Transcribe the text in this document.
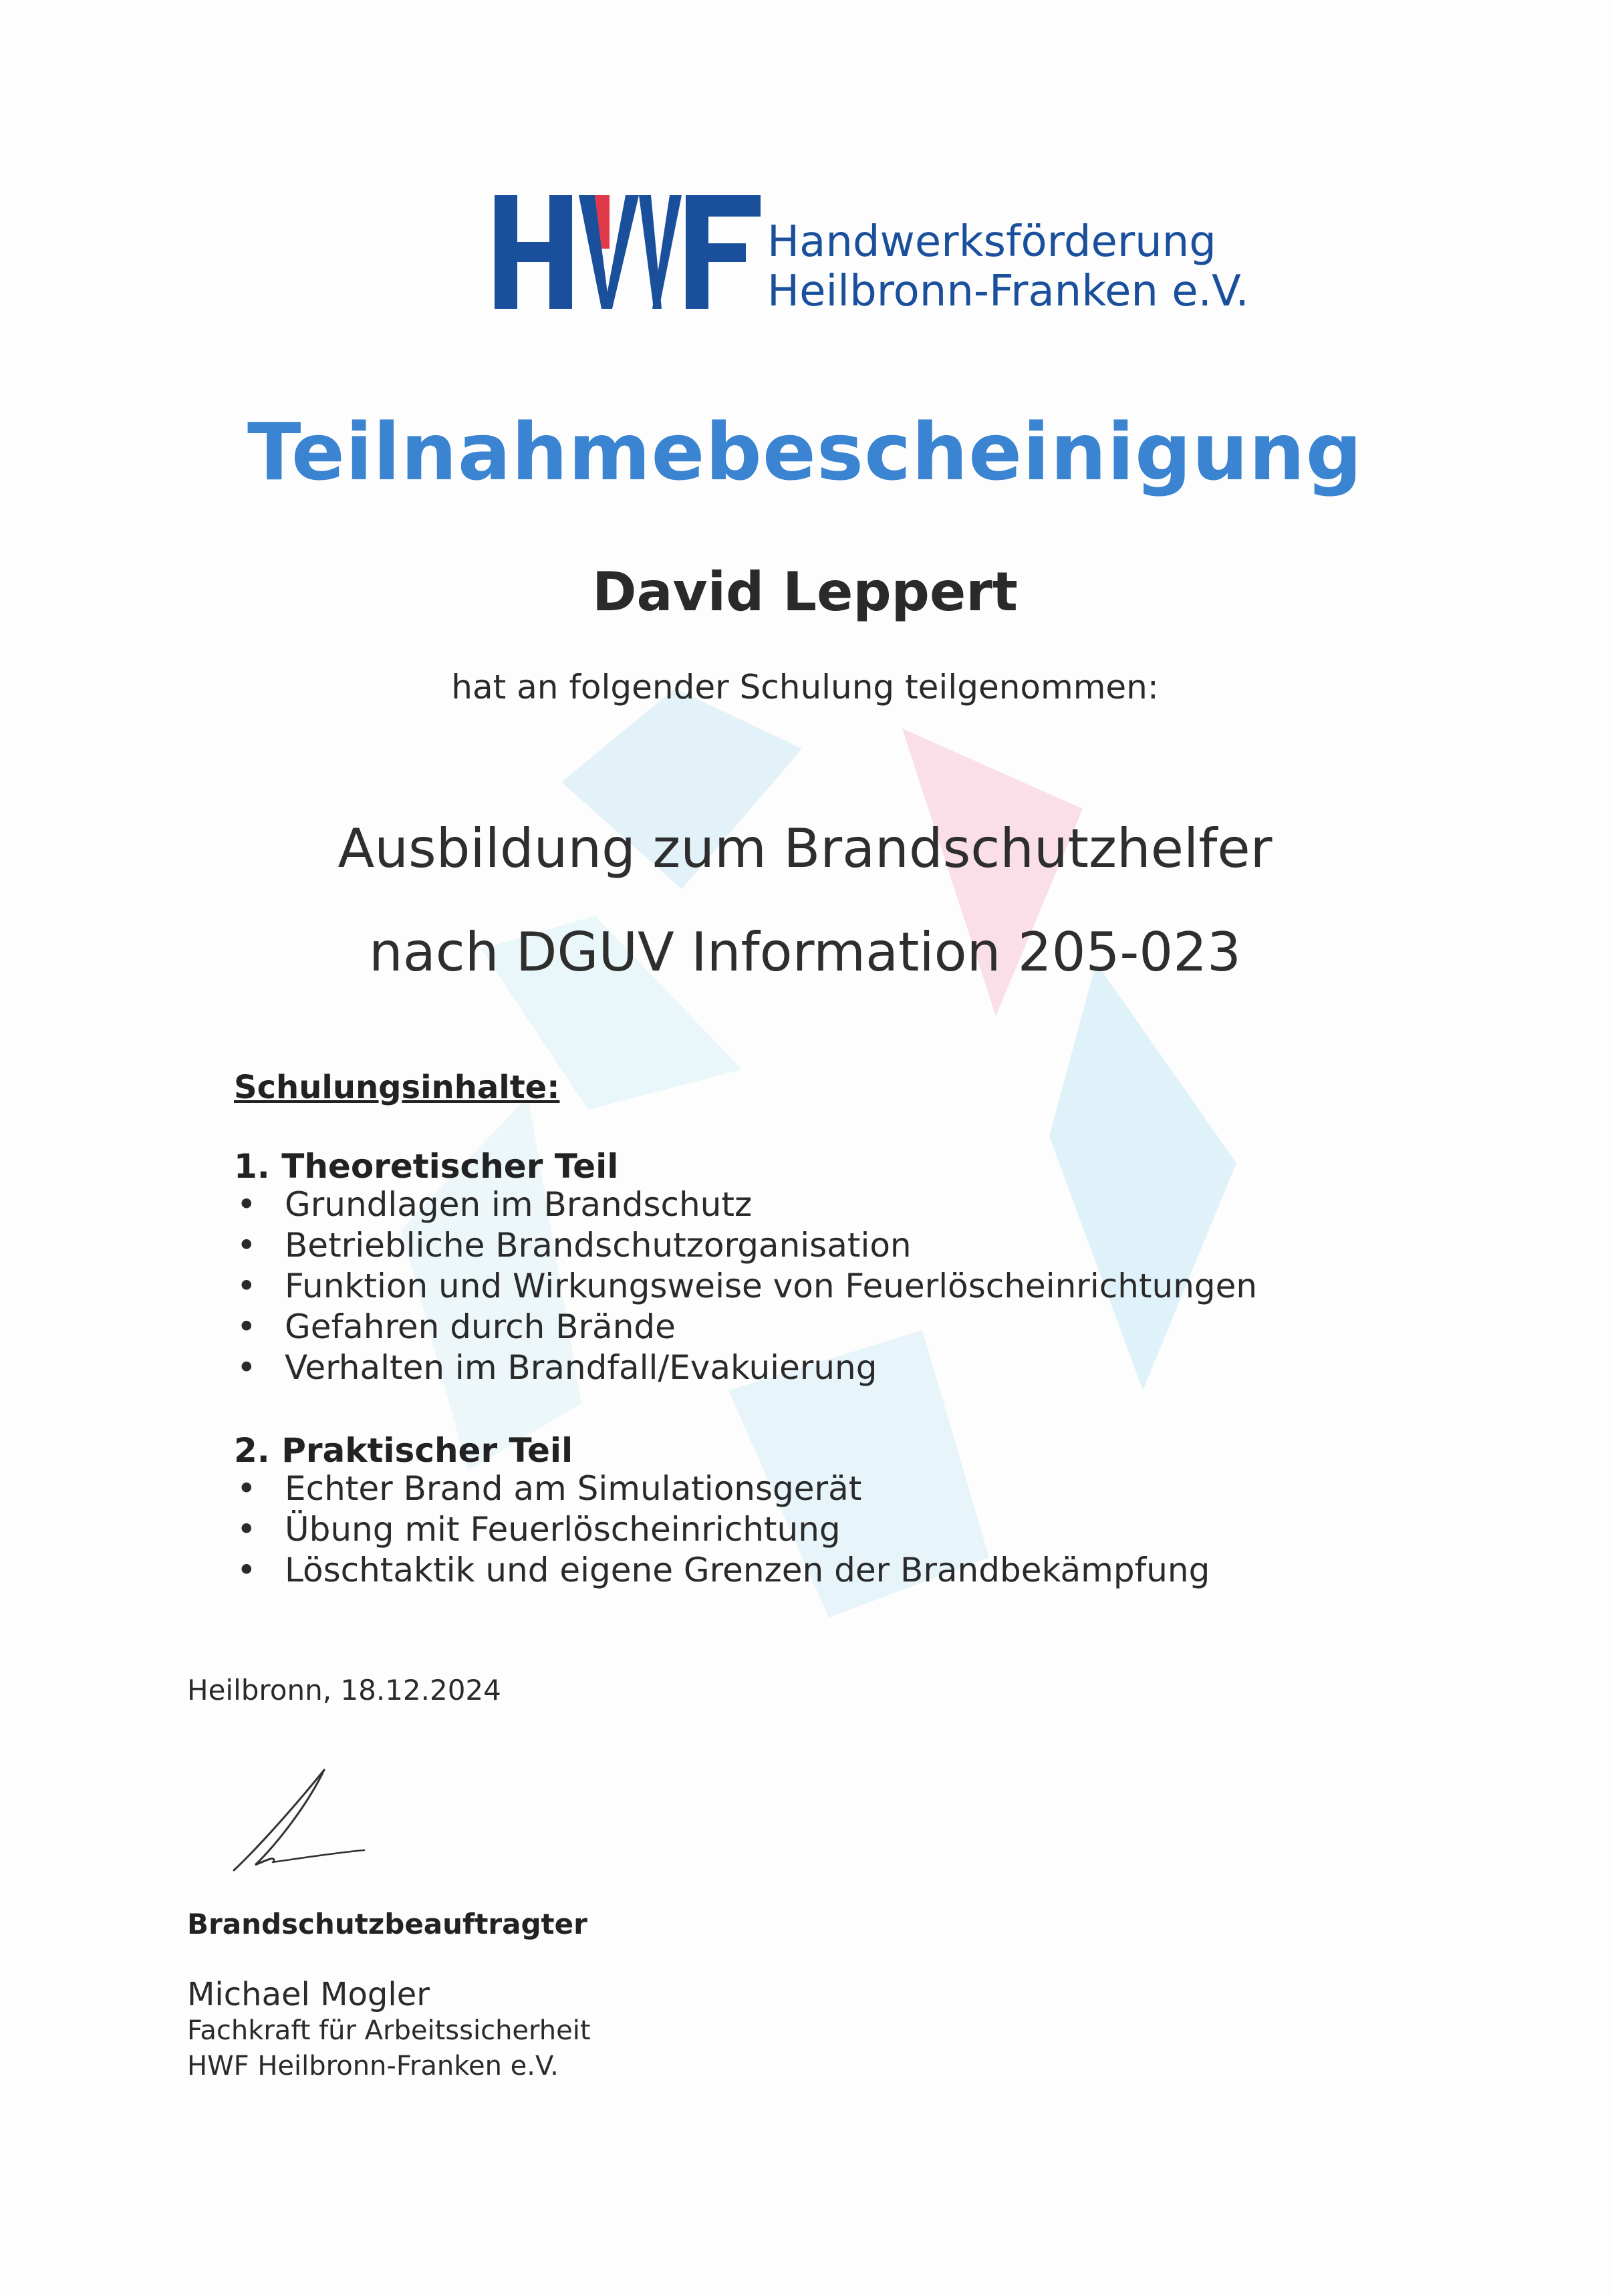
Handwerksförderung
Heilbronn-Franken e.V.
Teilnahmebescheinigung
David Leppert
hat an folgender Schulung teilgenommen:
Ausbildung zum Brandschutzhelfer
nach DGUV Information 205-023
Schulungsinhalte:
1. Theoretischer Teil
• Grundlagen im Brandschutz
• Betriebliche Brandschutzorganisation
• Funktion und Wirkungsweise von Feuerlöscheinrichtungen
• Gefahren durch Brände
• Verhalten im Brandfall/Evakuierung
2. Praktischer Teil
• Echter Brand am Simulationsgerät
• Übung mit Feuerlöscheinrichtung
• Löschtaktik und eigene Grenzen der Brandbekämpfung
Heilbronn, 18.12.2024
Brandschutzbeauftragter
Michael Mogler
Fachkraft für Arbeitssicherheit
HWF Heilbronn-Franken e.V.
